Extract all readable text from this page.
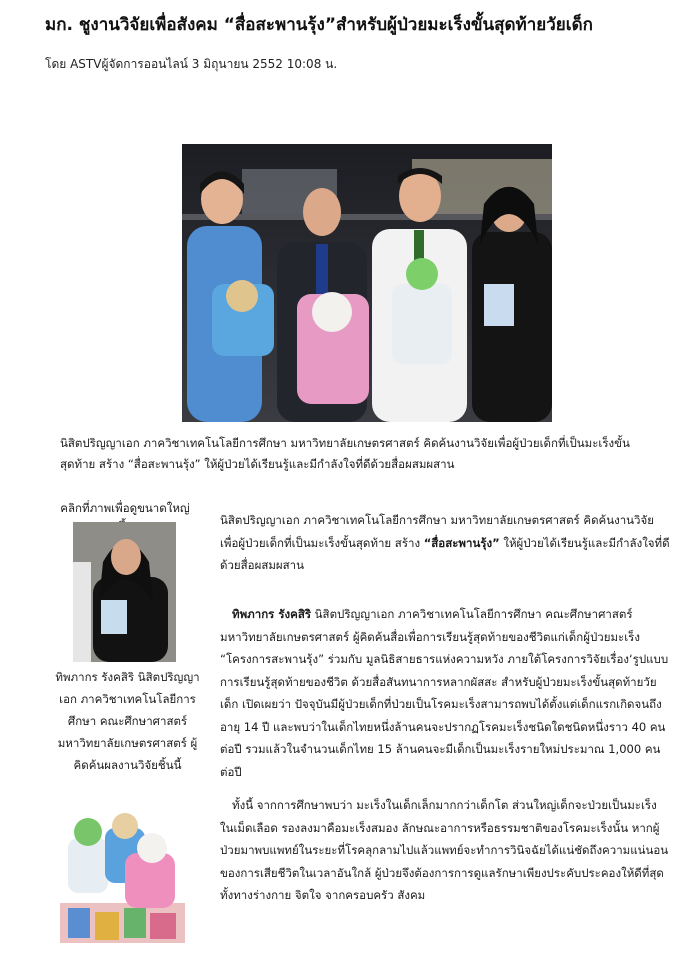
มก. ชูงานวิจัยเพื่อสังคม “สื่อสะพานรุ้ง”สำหรับผู้ป่วยมะเร็งขั้นสุดท้ายวัยเด็ก
โดย ASTVผู้จัดการออนไลน์ 3 มิถุนายน 2552 10:08 น.
นิสิตปริญญาเอก ภาควิชาเทคโนโลยีการศึกษา มหาวิทยาลัยเกษตรศาสตร์ คิดค้นงานวิจัยเพื่อผู้ป่วยเด็กที่เป็นมะเร็งขั้นสุดท้าย สร้าง “สื่อสะพานรุ้ง” ให้ผู้ป่วยได้เรียนรู้และมีกำลังใจที่ดีด้วยสื่อผสมผสาน
คลิกที่ภาพเพื่อดูขนาดใหญ่
ทิพภากร รังคสิริ นิสิตปริญญาเอก ภาควิชาเทคโนโลยีการศึกษา คณะศึกษาศาสตร์ มหาวิทยาลัยเกษตรศาสตร์ ผู้คิดค้นผลงานวิจัยชิ้นนี้

นิสิตปริญญาเอก ภาควิชาเทคโนโลยีการศึกษา มหาวิทยาลัยเกษตรศาสตร์ คิดค้นงานวิจัยเพื่อผู้ป่วยเด็กที่เป็นมะเร็งขั้นสุดท้าย สร้าง “สื่อสะพานรุ้ง” ให้ผู้ป่วยได้เรียนรู้และมีกำลังใจที่ดีด้วยสื่อผสมผสาน

ทิพภากร รังคสิริ นิสิตปริญญาเอก ภาควิชาเทคโนโลยีการศึกษา คณะศึกษาศาสตร์ มหาวิทยาลัยเกษตรศาสตร์ ผู้คิดค้นสื่อเพื่อการเรียนรู้สุดท้ายของชีวิตแก่เด็กผู้ป่วยมะเร็ง “โครงการสะพานรุ้ง” ร่วมกับ มูลนิธิสายธารแห่งความหวัง ภายใต้โครงการวิจัยเรื่อง‘รูปแบบการเรียนรู้สุดท้ายของชีวิต ด้วยสื่อสันทนาการหลากผัสสะ สำหรับผู้ป่วยมะเร็งขั้นสุดท้ายวัยเด็ก เปิดเผยว่า ปัจจุบันมีผู้ป่วยเด็กที่ป่วยเป็นโรคมะเร็งสามารถพบได้ตั้งแต่เด็กแรกเกิดจนถึงอายุ 14 ปี และพบว่าในเด็กไทยหนึ่งล้านคนจะปรากฏโรคมะเร็งชนิดใดชนิดหนึ่งราว 40 คนต่อปี รวมแล้วในจำนวนเด็กไทย 15 ล้านคนจะมีเด็กเป็นมะเร็งรายใหม่ประมาณ 1,000 คนต่อปี

ทั้งนี้ จากการศึกษาพบว่า มะเร็งในเด็กเล็กมากกว่าเด็กโต ส่วนใหญ่เด็กจะป่วยเป็นมะเร็งในเม็ดเลือด รองลงมาคือมะเร็งสมอง ลักษณะอาการหรือธรรมชาติของโรคมะเร็งนั้น หากผู้ป่วยมาพบแพทย์ในระยะที่โรคลุกลามไปแล้วแพทย์จะทำการวินิจฉัยได้แน่ชัดถึงความแน่นอนของการเสียชีวิตในเวลาอันใกล้ ผู้ป่วยจึงต้องการการดูแลรักษาเพียงประคับประคองให้ดีที่สุด ทั้งทางร่างกาย จิตใจ จากครอบครัว สังคม
